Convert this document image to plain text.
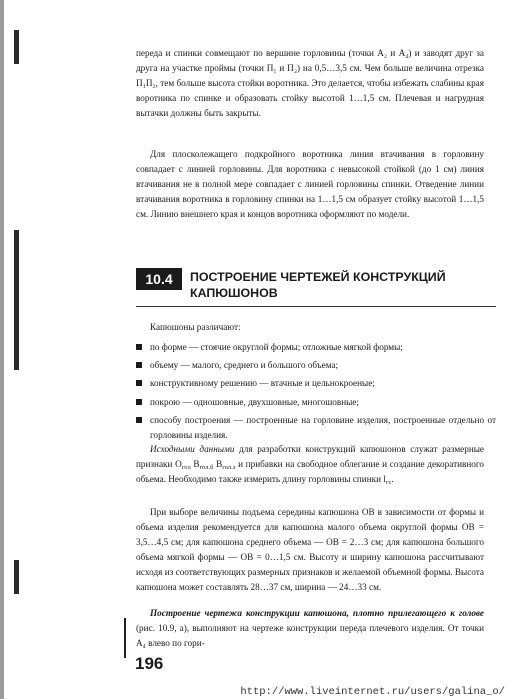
переда и спинки совмещают по вершине горловины (точки А₂ и А₄) и заводят друг за друга на участке проймы (точки П₁ и П₂) на 0,5…3,5 см. Чем больше величина отрезка П₁П₂, тем больше высота стойки воротника. Это делается, чтобы избежать слабины края воротника по спинке и образовать стойку высотой 1…1,5 см. Плечевая и нагрудная вытачки должны быть закрыты.

Для плосколежащего подкройного воротника линия втачивания в горловину совпадает с линией горловины. Для воротника с невысокой стойкой (до 1 см) линия втачивания не в полной мере совпадает с линией горловины спинки. Отведение линии втачивания воротника в горловину спинки на 1…1,5 см образует стойку высотой 1…1,5 см. Линию внешнего края и концов воротника оформляют по модели.

10.4	ПОСТРОЕНИЕ ЧЕРТЕЖЕЙ КОНСТРУКЦИЙ КАПЮШОНОВ
Капюшоны различают:
по форме — стоячие округлой формы; отложные мягкой формы;
объему — малого, среднего и большого объема;
конструктивному решению — втачные и цельнокроеные;
покрою — одношовные, двухшовные, многошовные;
способу построения — построенные на горловине изделия, построенные отдельно от горловины изделия.

Исходными данными для разработки конструкций капюшонов служат размерные признаки $О_{гол}$ $В_{гол.б}$ $В_{гол.з}$ и прибавки на свободное облегание и создание декоративного объема. Необходимо также измерить длину горловины спинки $l_{гс}$.

При выборе величины подъема середины капюшона ОВ в зависимости от формы и объема изделия рекомендуется для капюшона малого объема округлой формы ОВ = 3,5…4,5 см; для капюшона среднего объема — ОВ = 2…3 см; для капюшона большого объема мягкой формы — ОВ = 0…1,5 см. Высоту и ширину капюшона рассчитывают исходя из соответствующих размерных признаков и желаемой объемной формы. Высота капюшона может составлять 28…37 см, ширина — 24…33 см.

Построение чертежа конструкции капюшона, плотно прилегающего к голове (рис. 10.9, а), выполняют на чертеже конструкции переда плечевого изделия. От точки А₄ влево по гори-

196
http://www.liveinternet.ru/users/galina_o/
